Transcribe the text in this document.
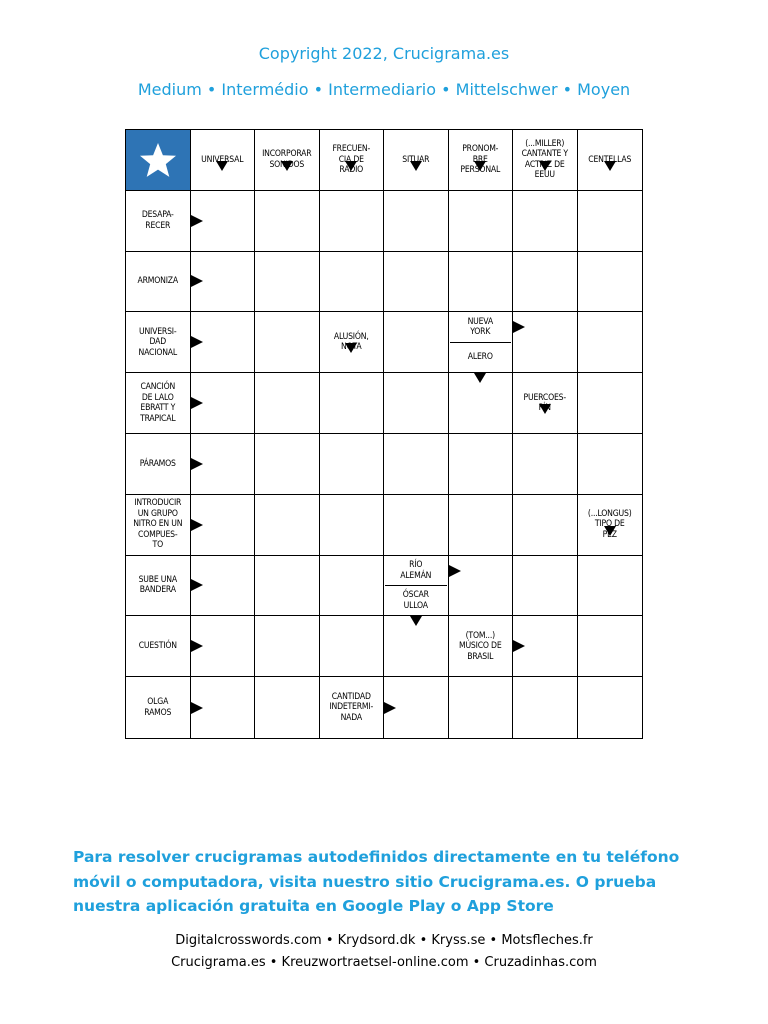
Copyright 2022, Crucigrama.es
Medium • Intermédio • Intermediario • Mittelschwer • Moyen
UNIVERSAL
INCORPORAR
SONIDOS
FRECUEN-
CIA DE
RADIO
SITUAR
PRONOM-
BRE
PERSONAL
(...MILLER)
CANTANTE Y
ACTRIZ DE
EEUU
CENTELLAS
DESAPA-
RECER
ARMONIZA
UNIVERSI-
DAD
NACIONAL
ALUSIÓN,
NOTA
NUEVA
YORK
ALERO
CANCIÓN
DE LALO
EBRATT Y
TRAPICAL
PUERCOES-
PÍN
PÁRAMOS
INTRODUCIR
UN GRUPO
NITRO EN UN
COMPUES-
TO
(...LONGUS)
TIPO DE
PEZ
SUBE UNA
BANDERA
RÍO
ALEMÁN
ÓSCAR
ULLOA
CUESTIÓN
(TOM...)
MÚSICO DE
BRASIL
OLGA
RAMOS
CANTIDAD
INDETERMI-
NADA
Para resolver crucigramas autodefinidos directamente en tu teléfono móvil o computadora, visita nuestro sitio Crucigrama.es. O prueba nuestra aplicación gratuita en Google Play o App Store
Digitalcrosswords.com • Krydsord.dk • Kryss.se • Motsfleches.fr
Crucigrama.es • Kreuzwortraetsel-online.com • Cruzadinhas.com
